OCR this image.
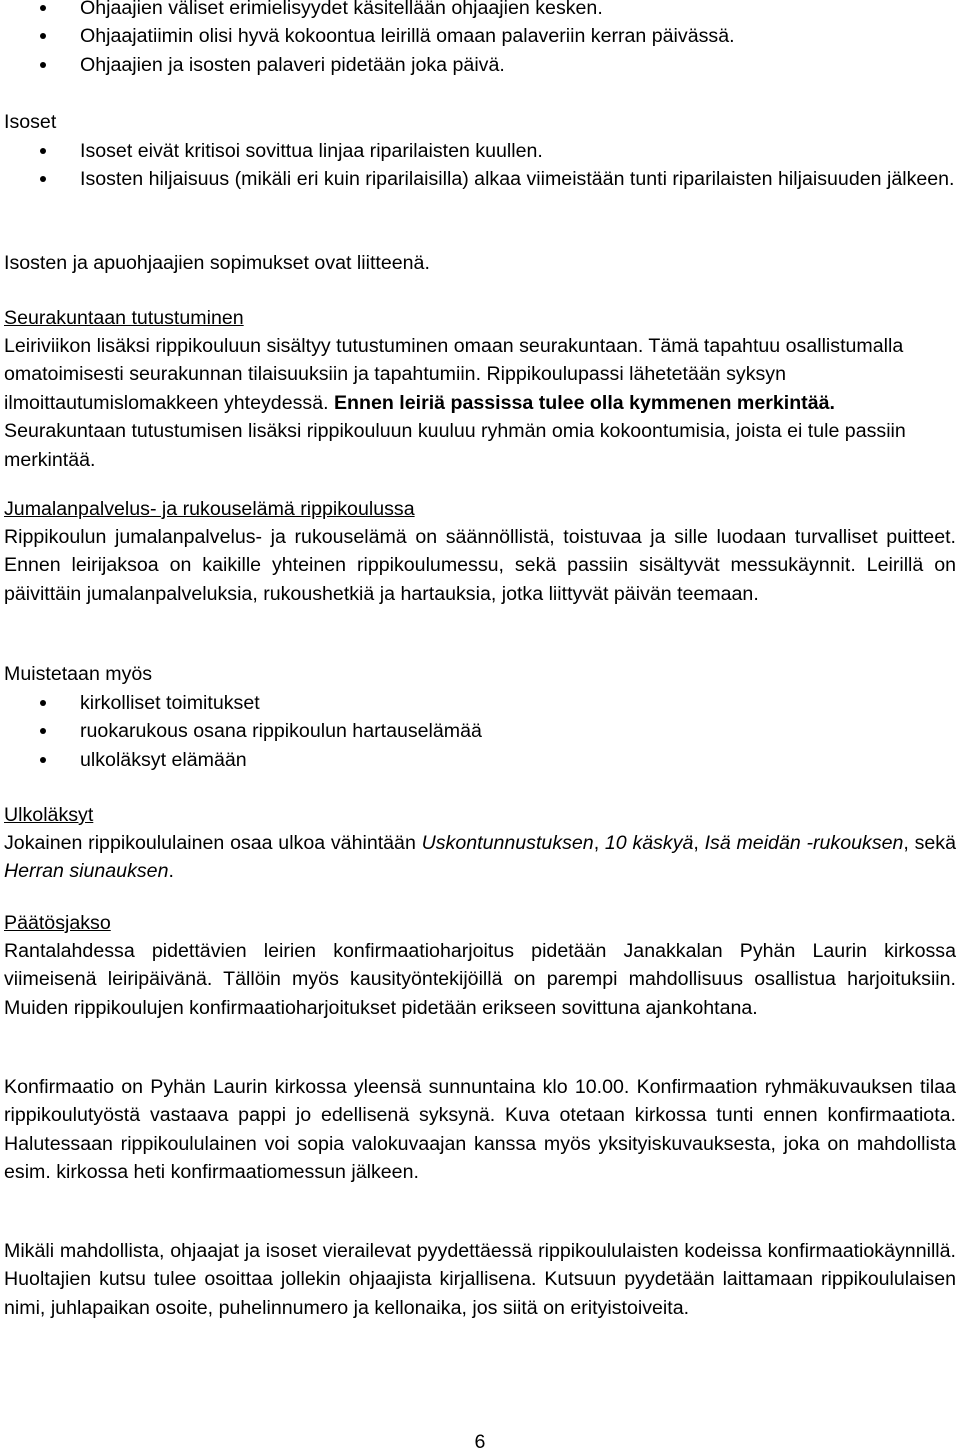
Ohjaajien väliset erimielisyydet käsitellään ohjaajien kesken.
Ohjaajatiimin olisi hyvä kokoontua leirillä omaan palaveriin kerran päivässä.
Ohjaajien ja isosten palaveri pidetään joka päivä.

Isoset

Isoset eivät kritisoi sovittua linjaa riparilaisten kuullen.
Isosten hiljaisuus (mikäli eri kuin riparilaisilla) alkaa viimeistään tunti riparilaisten hiljaisuuden jälkeen.

Isosten ja apuohjaajien sopimukset ovat liitteenä.

Seurakuntaan tutustuminen

Leiriviikon lisäksi rippikouluun sisältyy tutustuminen omaan seurakuntaan. Tämä tapahtuu osallistumalla omatoimisesti seurakunnan tilaisuuksiin ja tapahtumiin. Rippikoulupassi lähetetään syksyn ilmoittautumislomakkeen yhteydessä. Ennen leiriä passissa tulee olla kymmenen merkintää. Seurakuntaan tutustumisen lisäksi rippikouluun kuuluu ryhmän omia kokoontumisia, joista ei tule passiin merkintää.

Jumalanpalvelus- ja rukouselämä rippikoulussa

Rippikoulun jumalanpalvelus- ja rukouselämä on säännöllistä, toistuvaa ja sille luodaan turvalliset puitteet. Ennen leirijaksoa on kaikille yhteinen rippikoulumessu, sekä passiin sisältyvät messukäynnit. Leirillä on päivittäin jumalanpalveluksia, rukoushetkiä ja hartauksia, jotka liittyvät päivän teemaan.

Muistetaan myös

kirkolliset toimitukset
ruokarukous osana rippikoulun hartauselämää
ulkoläksyt elämään

Ulkoläksyt

Jokainen rippikoululainen osaa ulkoa vähintään Uskontunnustuksen, 10 käskyä, Isä meidän -rukouksen, sekä Herran siunauksen.

Päätösjakso

Rantalahdessa pidettävien leirien konfirmaatioharjoitus pidetään Janakkalan Pyhän Laurin kirkossa viimeisenä leiripäivänä. Tällöin myös kausityöntekijöillä on parempi mahdollisuus osallistua harjoituksiin. Muiden rippikoulujen konfirmaatioharjoitukset pidetään erikseen sovittuna ajankohtana.

Konfirmaatio on Pyhän Laurin kirkossa yleensä sunnuntaina klo 10.00. Konfirmaation ryhmäkuvauksen tilaa rippikoulutyöstä vastaava pappi jo edellisenä syksynä. Kuva otetaan kirkossa tunti ennen konfirmaatiota. Halutessaan rippikoululainen voi sopia valokuvaajan kanssa myös yksityiskuvauksesta, joka on mahdollista esim. kirkossa heti konfirmaatiomessun jälkeen.

Mikäli mahdollista, ohjaajat ja isoset vierailevat pyydettäessä rippikoululaisten kodeissa konfirmaatiokäynnillä. Huoltajien kutsu tulee osoittaa jollekin ohjaajista kirjallisena. Kutsuun pyydetään laittamaan rippikoululaisen nimi, juhlapaikan osoite, puhelinnumero ja kellonaika, jos siitä on erityistoiveita.

6
